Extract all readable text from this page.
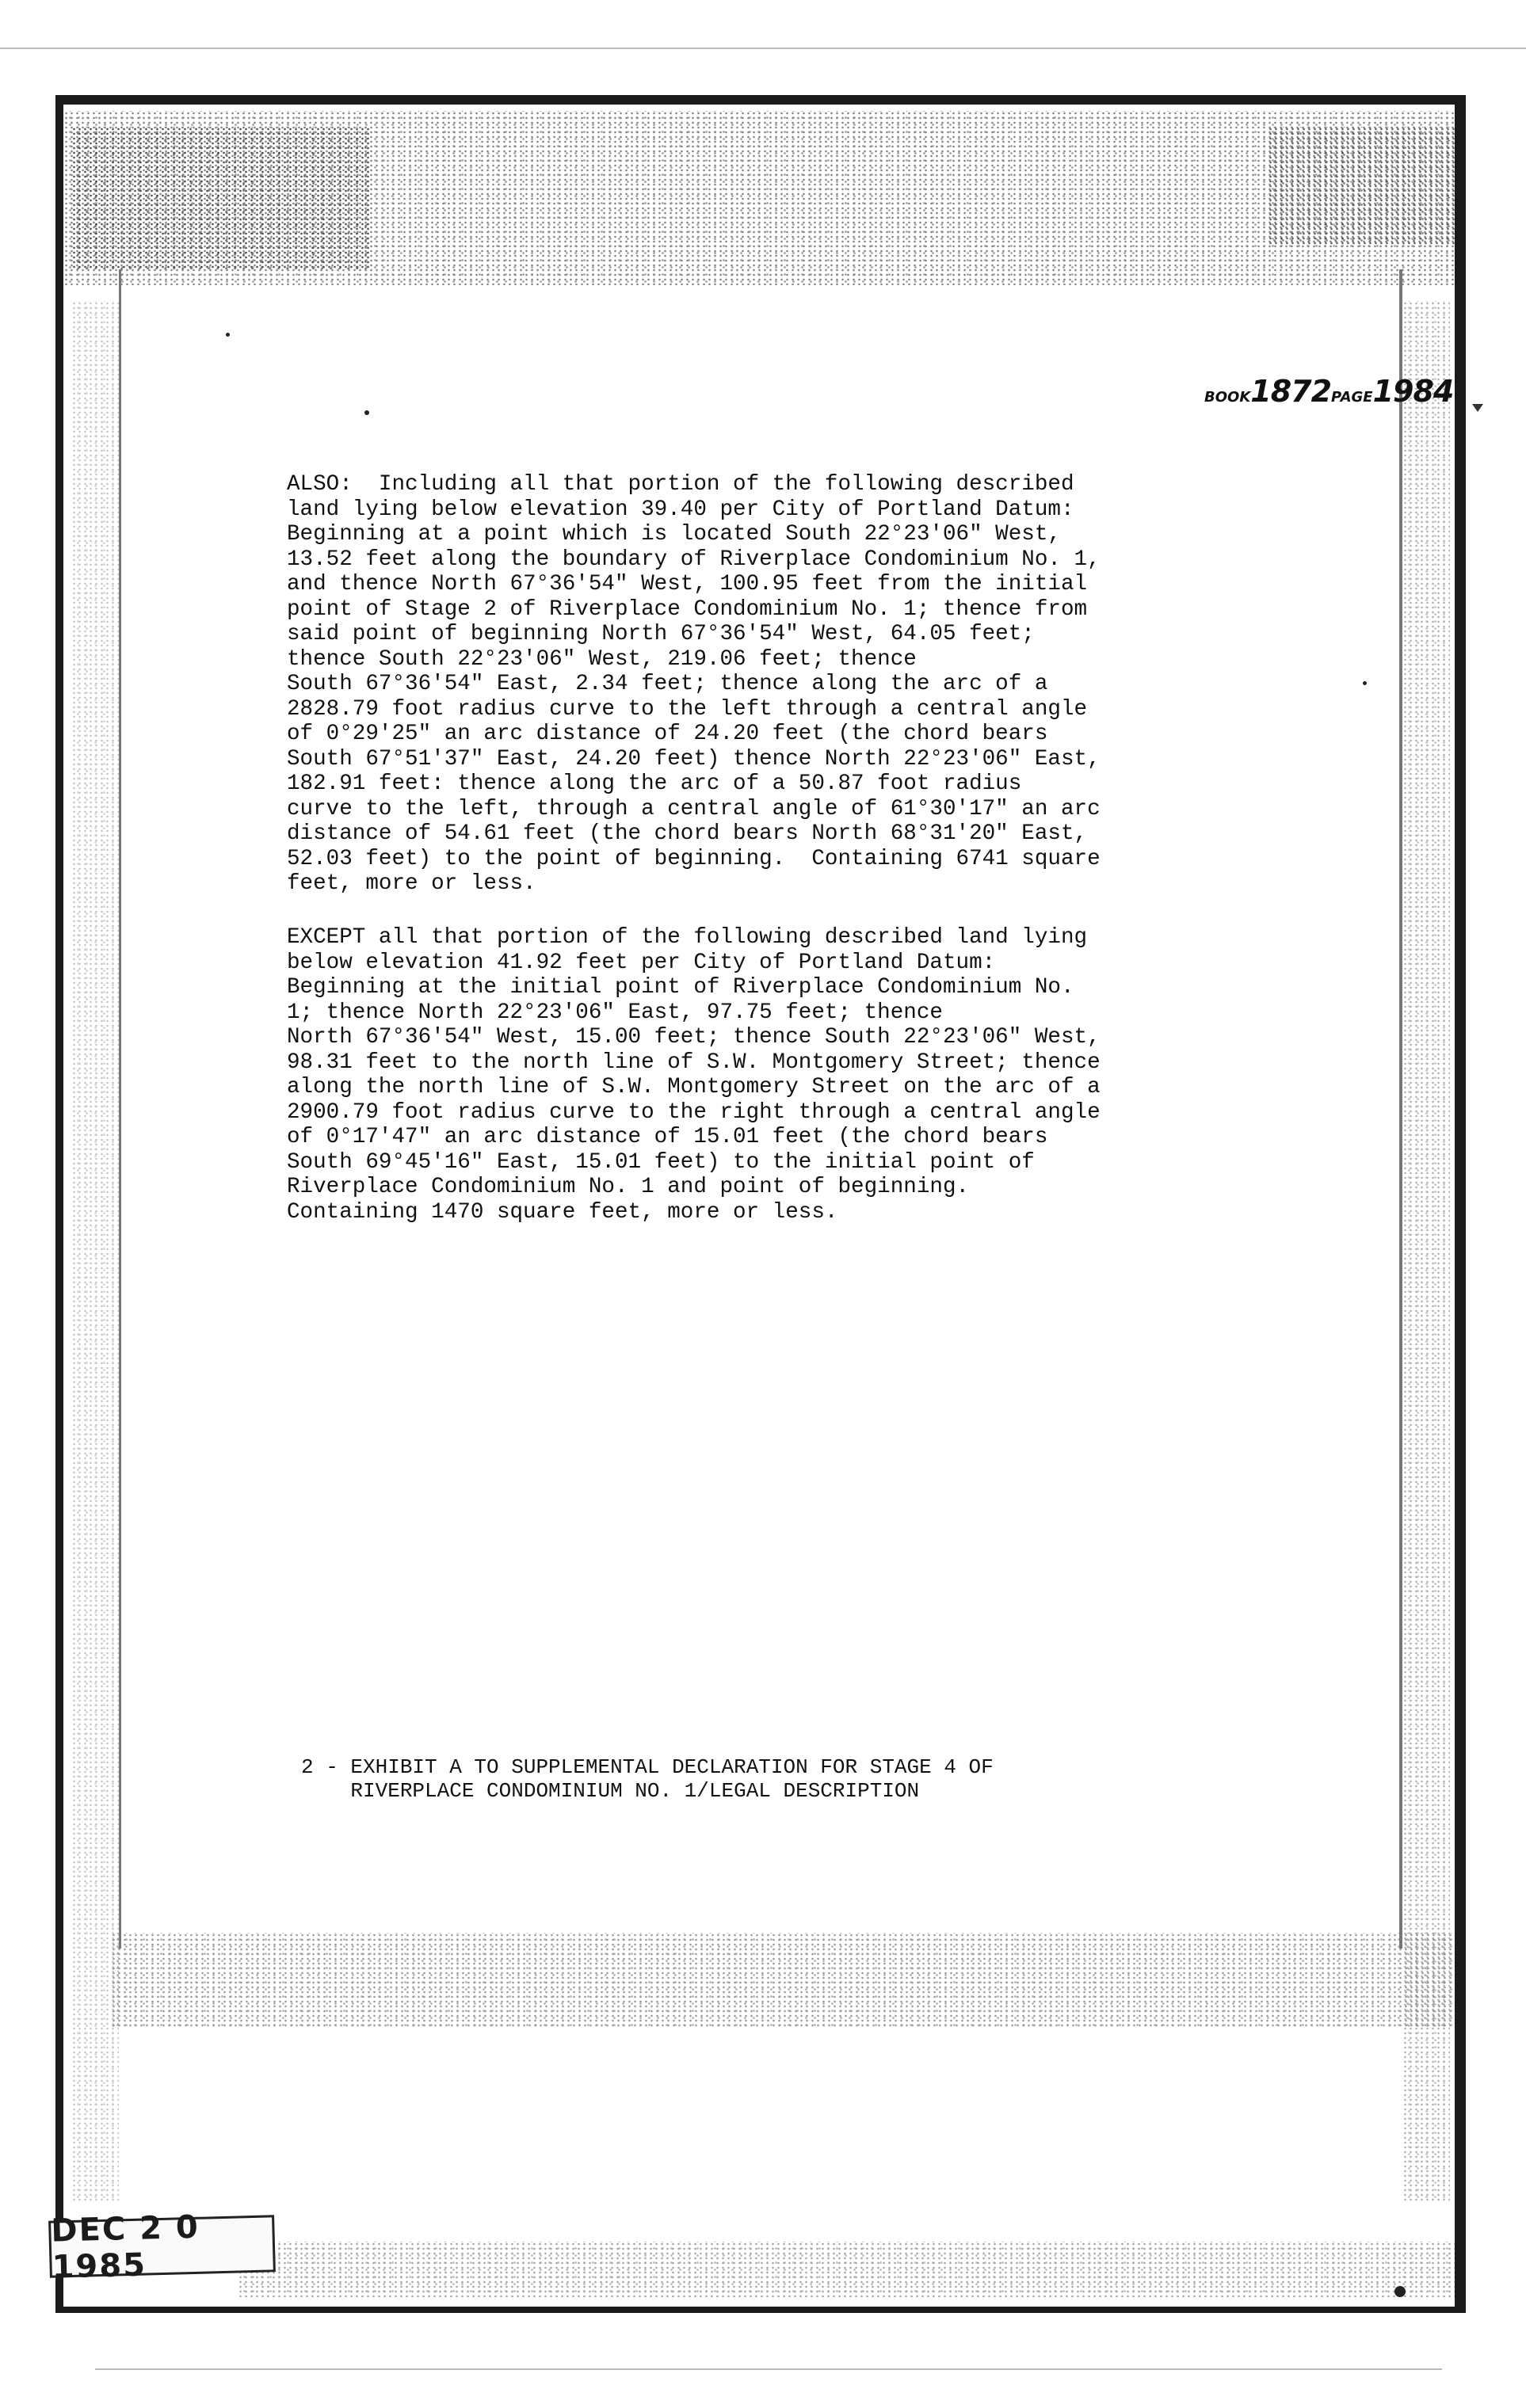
BOOK1872PAGE1984
ALSO:  Including all that portion of the following described
land lying below elevation 39.40 per City of Portland Datum:
Beginning at a point which is located South 22°23'06" West,
13.52 feet along the boundary of Riverplace Condominium No. 1,
and thence North 67°36'54" West, 100.95 feet from the initial
point of Stage 2 of Riverplace Condominium No. 1; thence from
said point of beginning North 67°36'54" West, 64.05 feet;
thence South 22°23'06" West, 219.06 feet; thence
South 67°36'54" East, 2.34 feet; thence along the arc of a
2828.79 foot radius curve to the left through a central angle
of 0°29'25" an arc distance of 24.20 feet (the chord bears
South 67°51'37" East, 24.20 feet) thence North 22°23'06" East,
182.91 feet: thence along the arc of a 50.87 foot radius
curve to the left, through a central angle of 61°30'17" an arc
distance of 54.61 feet (the chord bears North 68°31'20" East,
52.03 feet) to the point of beginning.  Containing 6741 square
feet, more or less.
EXCEPT all that portion of the following described land lying
below elevation 41.92 feet per City of Portland Datum:
Beginning at the initial point of Riverplace Condominium No.
1; thence North 22°23'06" East, 97.75 feet; thence
North 67°36'54" West, 15.00 feet; thence South 22°23'06" West,
98.31 feet to the north line of S.W. Montgomery Street; thence
along the north line of S.W. Montgomery Street on the arc of a
2900.79 foot radius curve to the right through a central angle
of 0°17'47" an arc distance of 15.01 feet (the chord bears
South 69°45'16" East, 15.01 feet) to the initial point of
Riverplace Condominium No. 1 and point of beginning.
Containing 1470 square feet, more or less.
2 - EXHIBIT A TO SUPPLEMENTAL DECLARATION FOR STAGE 4 OF
RIVERPLACE CONDOMINIUM NO. 1/LEGAL DESCRIPTION
DEC 2 0 1985
